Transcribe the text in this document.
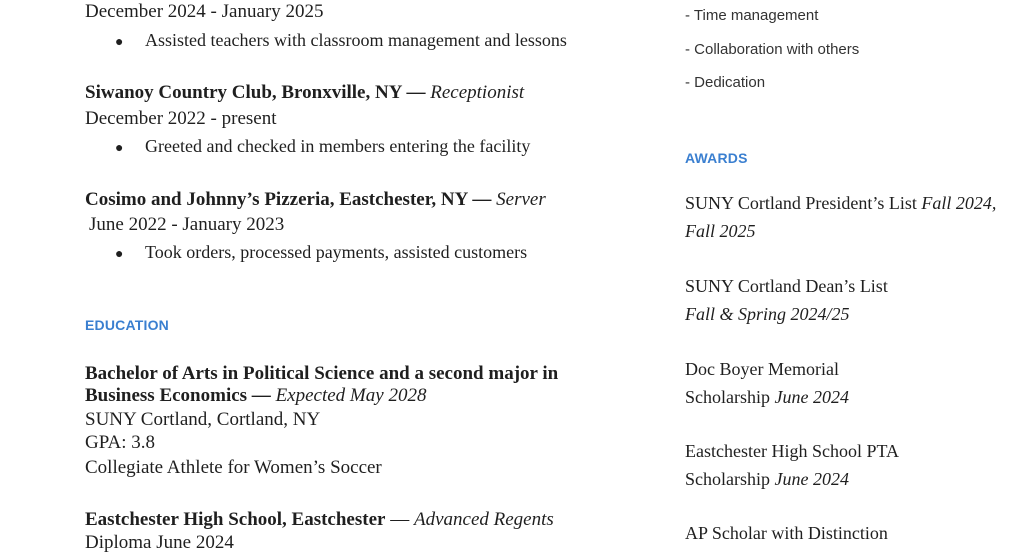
December 2024 - January 2025
● Assisted teachers with classroom management and lessons
Siwanoy Country Club, Bronxville, NY — Receptionist
December 2022 - present
● Greeted and checked in members entering the facility
Cosimo and Johnny’s Pizzeria, Eastchester, NY — Server
June 2022 - January 2023
● Took orders, processed payments, assisted customers
EDUCATION
Bachelor of Arts in Political Science and a second major in
Business Economics — Expected May 2028
SUNY Cortland, Cortland, NY
GPA: 3.8
Collegiate Athlete for Women’s Soccer
Eastchester High School, Eastchester — Advanced Regents
Diploma June 2024
- Time management
- Collaboration with others
- Dedication
AWARDS
SUNY Cortland President’s List Fall 2024, Fall 2025
SUNY Cortland Dean’s List
Fall & Spring 2024/25
Doc Boyer Memorial Scholarship June 2024
Eastchester High School PTA Scholarship June 2024
AP Scholar with Distinction
